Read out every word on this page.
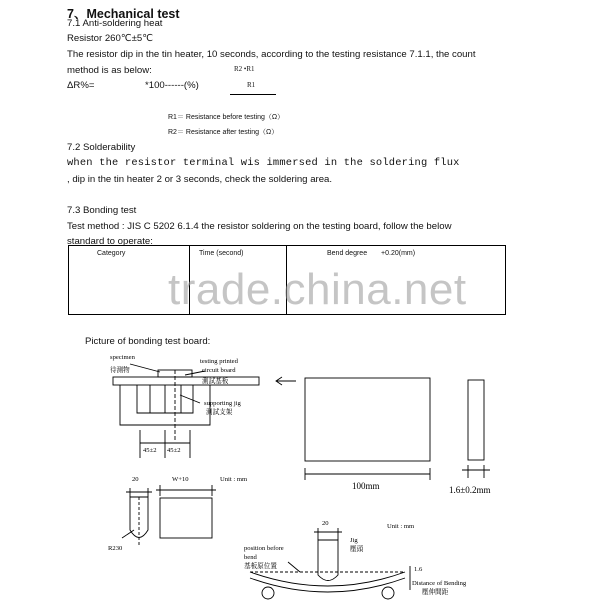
7、Mechanical test
7.1 Anti-soldering heat
Resistor 260℃±5℃
The resistor dip in the tin heater, 10 seconds, according to the testing resistance 7.1.1, the count
method is as below:	R2 •R1
ΔR%=	*100------(%)	R1
R1＝ Resistance before testing（Ω）
R2＝ Resistance after testing（Ω）
7.2 Solderability
when the resistor terminal wis immersed in the soldering flux
, dip in the tin heater 2 or 3 seconds, check the soldering area.
7.3 Bonding test
Test method : JIS C 5202 6.1.4 the resistor soldering on the testing board, follow the below
standard to operate:
Category	Time (second)	Bend degree +0.20(mm)
trade.china.net
Picture of bonding test board:
specimen
待測物
testing printed
circuit board
測試基板
supporting jig
測試支架
45±2 45±2
100mm	1.6±0.2mm
20	W+10	Unit : mm
R230
20	Unit : mm
Jig
壓頭
position before
bend
基板原位置	1.6
Distance of Bending
壓伸間距
